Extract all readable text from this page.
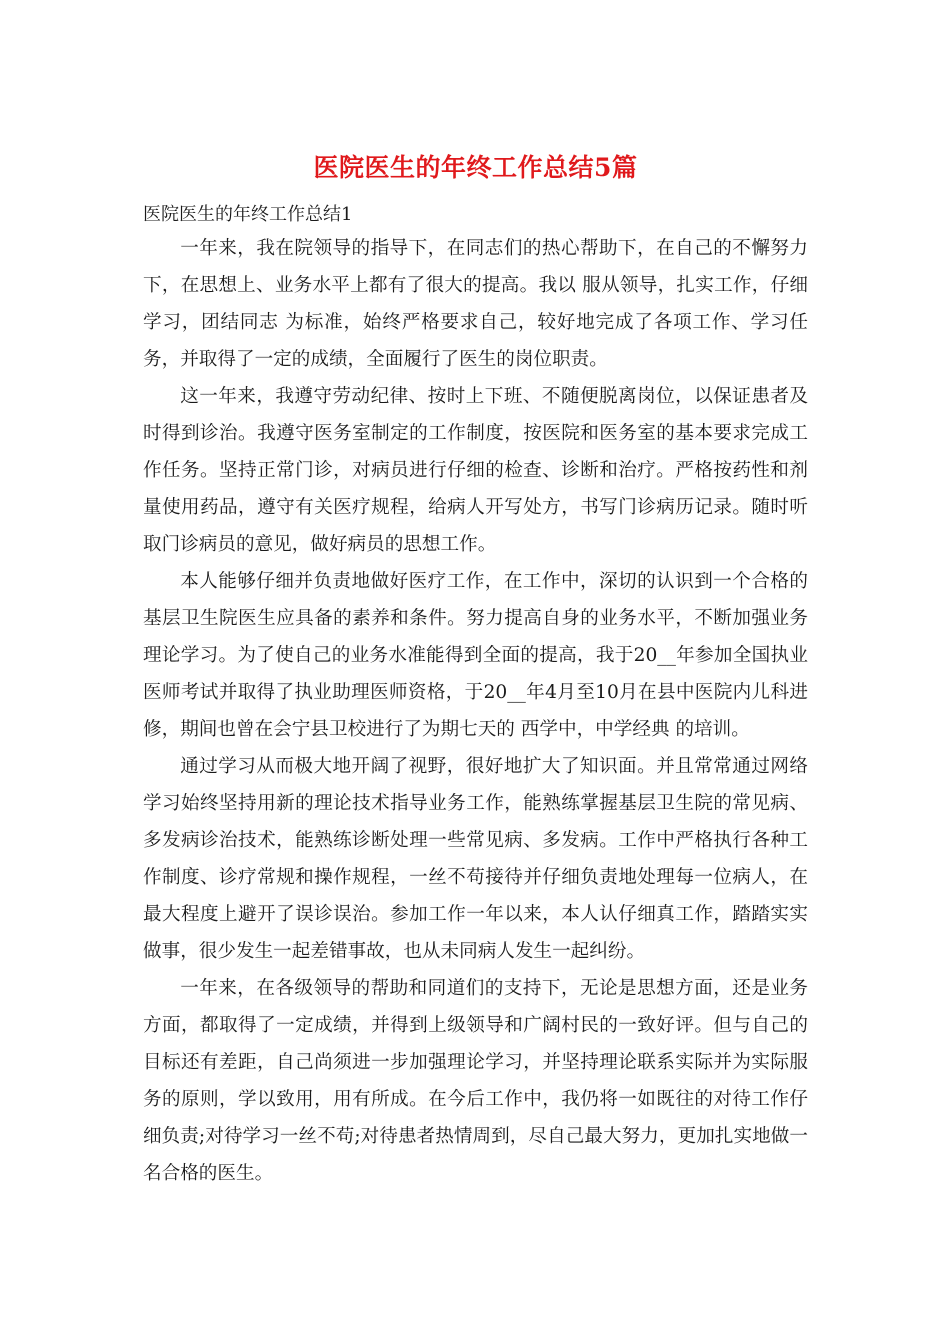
医院医生的年终工作总结5篇
医院医生的年终工作总结1

一年来，我在院领导的指导下，在同志们的热心帮助下，在自己的不懈努力下，在思想上、业务水平上都有了很大的提高。我以 服从领导，扎实工作，仔细学习，团结同志 为标准，始终严格要求自己，较好地完成了各项工作、学习任务，并取得了一定的成绩，全面履行了医生的岗位职责。

这一年来，我遵守劳动纪律、按时上下班、不随便脱离岗位，以保证患者及时得到诊治。我遵守医务室制定的工作制度，按医院和医务室的基本要求完成工作任务。坚持正常门诊，对病员进行仔细的检查、诊断和治疗。严格按药性和剂量使用药品，遵守有关医疗规程，给病人开写处方，书写门诊病历记录。随时听取门诊病员的意见，做好病员的思想工作。

本人能够仔细并负责地做好医疗工作，在工作中，深切的认识到一个合格的基层卫生院医生应具备的素养和条件。努力提高自身的业务水平，不断加强业务理论学习。为了使自己的业务水准能得到全面的提高，我于20__年参加全国执业医师考试并取得了执业助理医师资格，于20__年4月至10月在县中医院内儿科进修，期间也曾在会宁县卫校进行了为期七天的 西学中，中学经典 的培训。

通过学习从而极大地开阔了视野，很好地扩大了知识面。并且常常通过网络学习始终坚持用新的理论技术指导业务工作，能熟练掌握基层卫生院的常见病、多发病诊治技术，能熟练诊断处理一些常见病、多发病。工作中严格执行各种工作制度、诊疗常规和操作规程，一丝不苟接待并仔细负责地处理每一位病人，在最大程度上避开了误诊误治。参加工作一年以来，本人认仔细真工作，踏踏实实做事，很少发生一起差错事故，也从未同病人发生一起纠纷。

一年来，在各级领导的帮助和同道们的支持下，无论是思想方面，还是业务方面，都取得了一定成绩，并得到上级领导和广阔村民的一致好评。但与自己的目标还有差距，自己尚须进一步加强理论学习，并坚持理论联系实际并为实际服务的原则，学以致用，用有所成。在今后工作中，我仍将一如既往的对待工作仔细负责;对待学习一丝不苟;对待患者热情周到，尽自己最大努力，更加扎实地做一名合格的医生。
